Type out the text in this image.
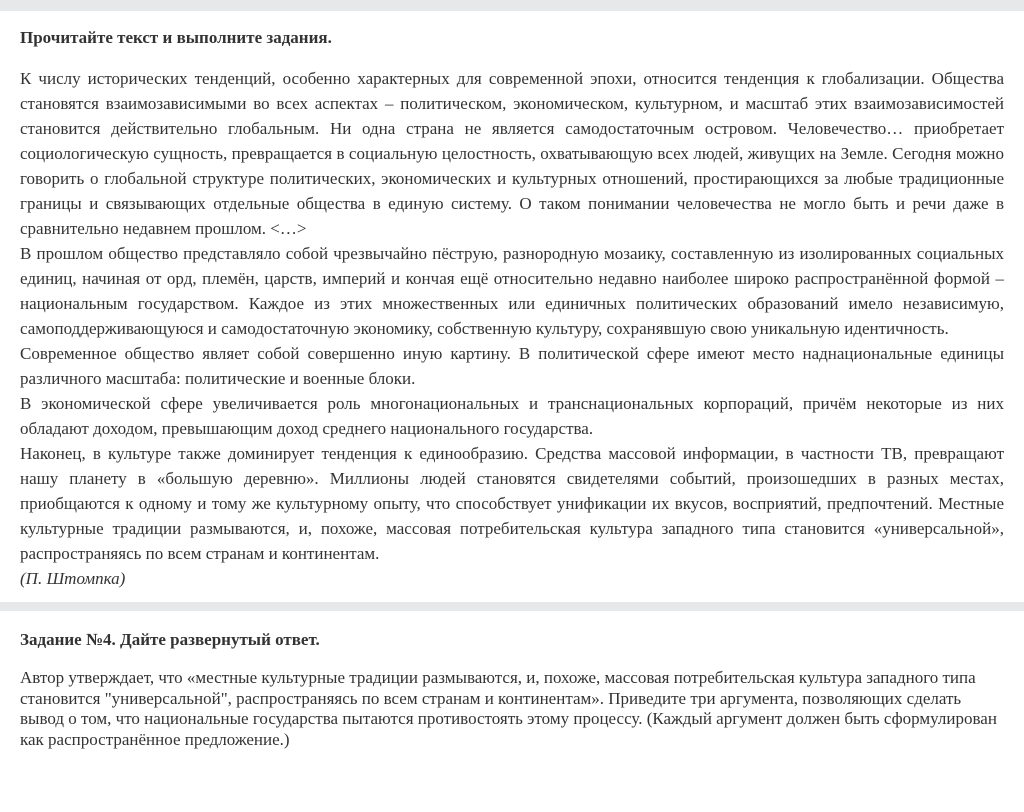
Прочитайте текст и выполните задания.

К числу исторических тенденций, особенно характерных для современной эпохи, относится тенденция к глобализации. Общества становятся взаимозависимыми во всех аспектах – политическом, экономическом, культурном, и масштаб этих взаимозависимостей становится действительно глобальным. Ни одна страна не является самодостаточным островом. Человечество… приобретает социологическую сущность, превращается в социальную целостность, охватывающую всех людей, живущих на Земле. Сегодня можно говорить о глобальной структуре политических, экономических и культурных отношений, простирающихся за любые традиционные границы и связывающих отдельные общества в единую систему. О таком понимании человечества не могло быть и речи даже в сравнительно недавнем прошлом. <…>

В прошлом общество представляло собой чрезвычайно пёструю, разнородную мозаику, составленную из изолированных социальных единиц, начиная от орд, племён, царств, империй и кончая ещё относительно недавно наиболее широко распространённой формой – национальным государством. Каждое из этих множественных или единичных политических образований имело независимую, самоподдерживающуюся и самодостаточную экономику, собственную культуру, сохранявшую свою уникальную идентичность.

Современное общество являет собой совершенно иную картину. В политической сфере имеют место наднациональные единицы различного масштаба: политические и военные блоки.

В экономической сфере увеличивается роль многонациональных и транснациональных корпораций, причём некоторые из них обладают доходом, превышающим доход среднего национального государства.

Наконец, в культуре также доминирует тенденция к единообразию. Средства массовой информации, в частности ТВ, превращают нашу планету в «большую деревню». Миллионы людей становятся свидетелями событий, произошедших в разных местах, приобщаются к одному и тому же культурному опыту, что способствует унификации их вкусов, восприятий, предпочтений. Местные культурные традиции размываются, и, похоже, массовая потребительская культура западного типа становится «универсальной», распространяясь по всем странам и континентам.

(П. Штомпка)
Задание №4. Дайте развернутый ответ.

Автор утверждает, что «местные культурные традиции размываются, и, похоже, массовая потребительская культура западного типа становится "универсальной", распространяясь по всем странам и континентам». Приведите три аргумента, позволяющих сделать вывод о том, что национальные государства пытаются противостоять этому процессу. (Каждый аргумент должен быть сформулирован как распространённое предложение.)
